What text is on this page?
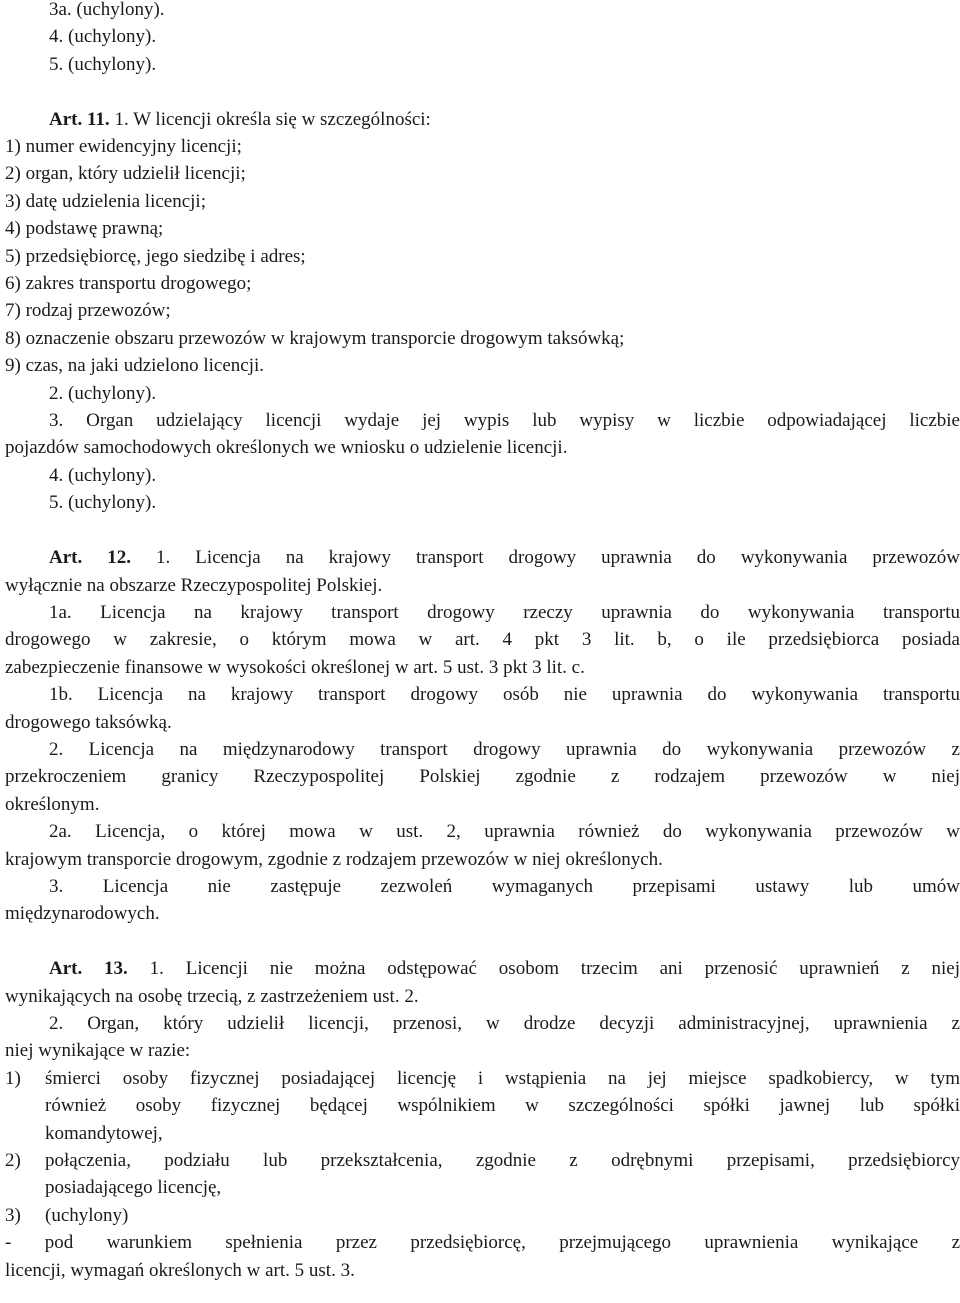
3a. (uchylony).
4. (uchylony).
5. (uchylony).
Art. 11. 1. W licencji określa się w szczególności:
1) numer ewidencyjny licencji;
2) organ, który udzielił licencji;
3) datę udzielenia licencji;
4) podstawę prawną;
5) przedsiębiorcę, jego siedzibę i adres;
6) zakres transportu drogowego;
7) rodzaj przewozów;
8) oznaczenie obszaru przewozów w krajowym transporcie drogowym taksówką;
9) czas, na jaki udzielono licencji.
2. (uchylony).
3. Organ udzielający licencji wydaje jej wypis lub wypisy w liczbie odpowiadającej liczbie
pojazdów samochodowych określonych we wniosku o udzielenie licencji.
4. (uchylony).
5. (uchylony).
Art. 12. 1. Licencja na krajowy transport drogowy uprawnia do wykonywania przewozów
wyłącznie na obszarze Rzeczypospolitej Polskiej.
1a. Licencja na krajowy transport drogowy rzeczy uprawnia do wykonywania transportu
drogowego w zakresie, o którym mowa w art. 4 pkt 3 lit. b, o ile przedsiębiorca posiada
zabezpieczenie finansowe w wysokości określonej w art. 5 ust. 3 pkt 3 lit. c.
1b. Licencja na krajowy transport drogowy osób nie uprawnia do wykonywania transportu
drogowego taksówką.
2. Licencja na międzynarodowy transport drogowy uprawnia do wykonywania przewozów z
przekroczeniem granicy Rzeczypospolitej Polskiej zgodnie z rodzajem przewozów w niej
określonym.
2a. Licencja, o której mowa w ust. 2, uprawnia również do wykonywania przewozów w
krajowym transporcie drogowym, zgodnie z rodzajem przewozów w niej określonych.
3. Licencja nie zastępuje zezwoleń wymaganych przepisami ustawy lub umów
międzynarodowych.
Art. 13. 1. Licencji nie można odstępować osobom trzecim ani przenosić uprawnień z niej
wynikających na osobę trzecią, z zastrzeżeniem ust. 2.
2. Organ, który udzielił licencji, przenosi, w drodze decyzji administracyjnej, uprawnienia z
niej wynikające w razie:
1)	śmierci osoby fizycznej posiadającej licencję i wstąpienia na jej miejsce spadkobiercy, w tym
również osoby fizycznej będącej wspólnikiem w szczególności spółki jawnej lub spółki
komandytowej,
2)	połączenia, podziału lub przekształcenia, zgodnie z odrębnymi przepisami, przedsiębiorcy
posiadającego licencję,
3)	(uchylony)
- pod warunkiem spełnienia przez przedsiębiorcę, przejmującego uprawnienia wynikające z
licencji, wymagań określonych w art. 5 ust. 3.
